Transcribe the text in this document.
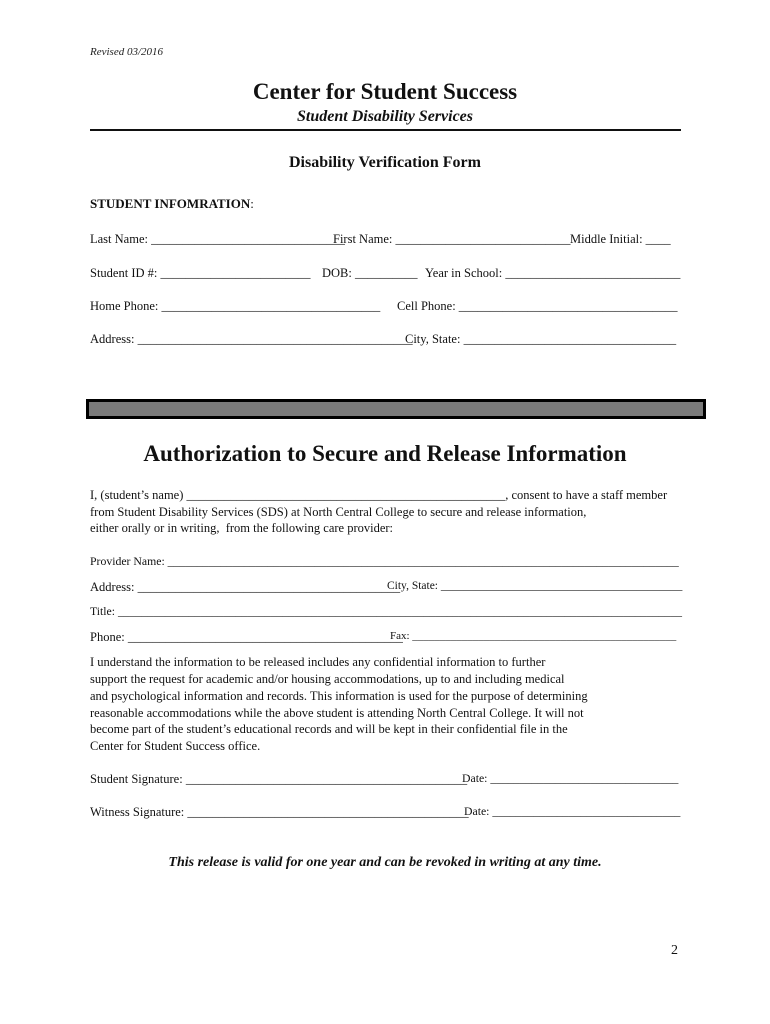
Revised 03/2016
Center for Student Success
Student Disability Services
Disability Verification Form
STUDENT INFOMRATION:
Last Name: _______________________________
First Name: ____________________________ Middle Initial: ____
Student ID #: ________________________ DOB: __________ Year in School: ____________________________
Home Phone: ___________________________________ Cell Phone: ___________________________________
Address: ____________________________________________
City, State: __________________________________
Authorization to Secure and Release Information
I, (student’s name) ___________________________________________________, consent to have a staff member
from Student Disability Services (SDS) at North Central College to secure and release information,
either orally or in writing,  from the following care provider:
Provider Name: _______________________________________________________________________________________
Address: __________________________________________
City, State: __________________________________________
Title: ________________________________________________________________________________________________
Phone: ____________________________________________
Fax: ________________________________________________
I understand the information to be released includes any confidential information to further
support the request for academic and/or housing accommodations, up to and including medical
and psychological information and records. This information is used for the purpose of determining
reasonable accommodations while the above student is attending North Central College. It will not
become part of the student’s educational records and will be kept in their confidential file in the
Center for Student Success office.
Student Signature: _____________________________________________
Date: ________________________________
Witness Signature: _____________________________________________
Date: ________________________________
This release is valid for one year and can be revoked in writing at any time.
2
